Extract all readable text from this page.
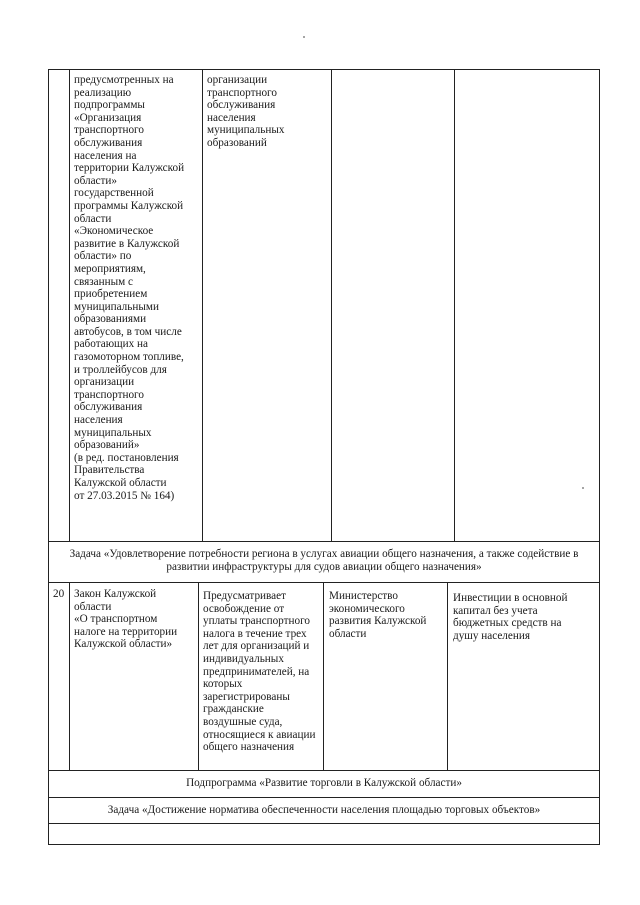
предусмотренных на
реализацию
подпрограммы
«Организация
транспортного
обслуживания
населения на
территории Калужской
области»
государственной
программы Калужской
области
«Экономическое
развитие в Калужской
области» по
мероприятиям,
связанным с
приобретением
муниципальными
образованиями
автобусов, в том числе
работающих на
газомоторном топливе,
и троллейбусов для
организации
транспортного
обслуживания
населения
муниципальных
образований»
(в ред. постановления
Правительства
Калужской области
от 27.03.2015 № 164)
организации
транспортного
обслуживания
населения
муниципальных
образований
Задача «Удовлетворение потребности региона в услугах авиации общего назначения, а также содействие в
развитии инфраструктуры для судов авиации общего назначения»
20 Закон Калужской
области
«О транспортном
налоге на территории
Калужской области»
Предусматривает
освобождение от
уплаты транспортного
налога в течение трех
лет для организаций и
индивидуальных
предпринимателей, на
которых
зарегистрированы
гражданские
воздушные суда,
относящиеся к авиации
общего назначения
Министерство
экономического
развития Калужской
области
Инвестиции в основной
капитал без учета
бюджетных средств на
душу населения
Подпрограмма «Развитие торговли в Калужской области»
Задача «Достижение норматива обеспеченности населения площадью торговых объектов»
